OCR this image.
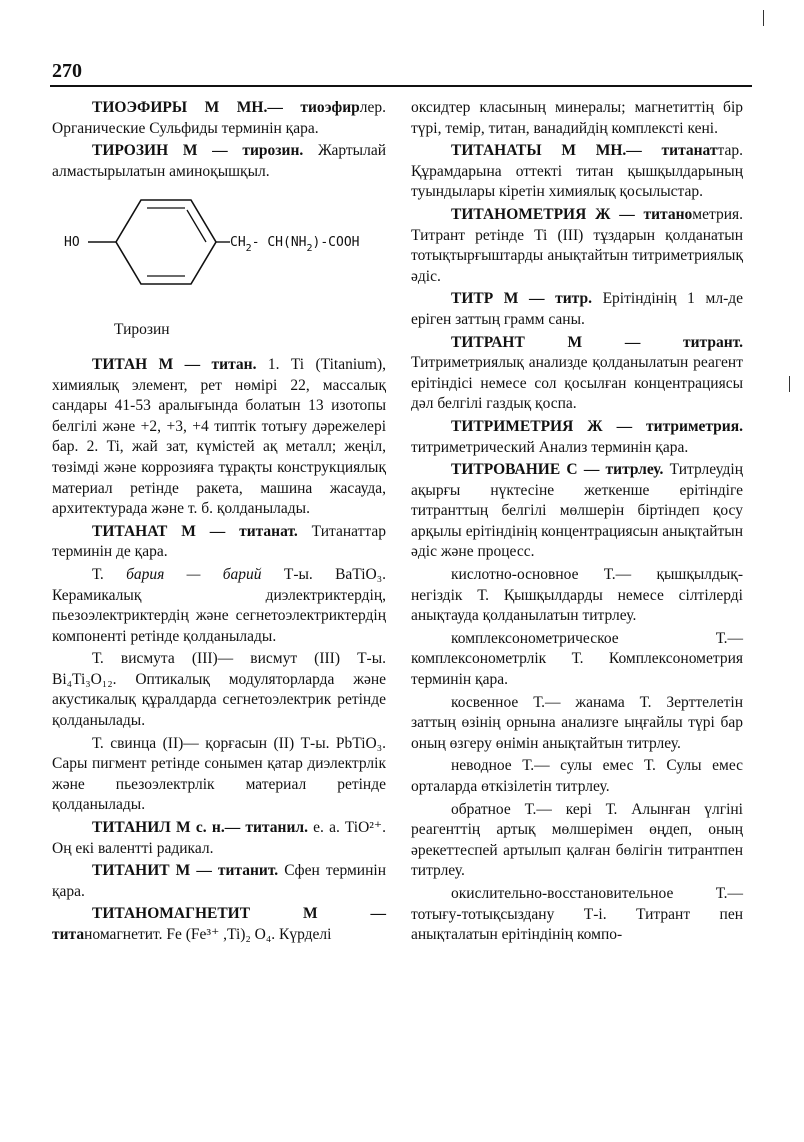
270

ТИОЭФИРЫ М МН.— тиоэфирлер. Органические Сульфиды терминін қара.

ТИРОЗИН М — тирозин. Жартылай алмастырылатын аминоқышқыл.

HO	$CH_2-$ $CH(NH_2)$-COOH

Тирозин

ТИТАН М — титан. 1. Ti (Titanium), химиялық элемент, рет нөмірі 22, массалық сандары 41-53 аралығында болатын 13 изотопы белгілі және +2, +3, +4 типтік тотығу дәрежелері бар. 2. Ti, жай зат, күмістей ақ металл; жеңіл, төзімді және коррозияға тұрақты конструкциялық материал ретінде ракета, машина жасауда, архитектурада және т. б. қолданылады.

ТИТАНАТ М — титанат. Титанаттар терминін де қара.

Т. бария — барий Т-ы. BaTiO₃. Керамикалық диэлектриктердің, пьезоэлектриктердің және сегнетоэлектриктердің компоненті ретінде қолданылады.

Т. висмута (III)— висмут (III) Т-ы. Bi₄Ti₃O₁₂. Оптикалық модуляторларда және акустикалық құралдарда сегнетоэлектрик ретінде қолданылады.

Т. свинца (II)— қорғасын (II) Т-ы. PbTiO₃. Сары пигмент ретінде сонымен қатар диэлектрлік және пьезоэлектрлік материал ретінде қолданылады.

ТИТАНИЛ М с. н.— титанил. е. a. TiO²⁺. Оң екі валентті радикал.

ТИТАНИТ М — титанит. Сфен терминін қара.

ТИТАНОМАГНЕТИТ М — титаномагнетит. Fe (Fe³⁺ ,Ti)₂ O₄. Күрделі

оксидтер класының минералы; магнетиттің бір түрі, темір, титан, ванадийдің комплексті кені.

ТИТАНАТЫ М МН.— титанаттар. Құрамдарына оттекті титан қышқылдарының туындылары кіретін химиялық қосылыстар.

ТИТАНОМЕТРИЯ Ж — титанометрия. Титрант ретінде Ti (III) тұздарын қолданатын тотықтырғыштарды анықтайтын титриметриялық әдіс.

ТИТР М — титр. Ерітіндінің 1 мл-де еріген заттың грамм саны.

ТИТРАНТ М — титрант. Титриметриялық анализде қолданылатын реагент ерітіндісі немесе сол қосылған концентрациясы дәл белгілі газдық қоспа.

ТИТРИМЕТРИЯ Ж — титриметрия. титриметрический Анализ терминін қара.

ТИТРОВАНИЕ С — титрлеу. Титрлеудің ақырғы нүктесіне жеткенше ерітіндіге титранттың белгілі мөлшерін біртіндеп қосу арқылы ерітіндінің концентрациясын анықтайтын әдіс және процесс.

кислотно-основное Т.— қышқылдық-негіздік Т. Қышқылдарды немесе сілтілерді анықтауда қолданылатын титрлеу.

комплексонометрическое Т.— комплексонометрлік Т. Комплексонометрия терминін қара.

косвенное Т.— жанама Т. Зерттелетін заттың өзінің орнына анализге ыңғайлы түрі бар оның өзгеру өнімін анықтайтын титрлеу.

неводное Т.— сулы емес Т. Сулы емес орталарда өткізілетін титрлеу.

обратное Т.— кері Т. Алынған үлгіні реагенттің артық мөлшерімен өңдеп, оның әрекеттеспей артылып қалған бөлігін титрантпен титрлеу.

окислительно-восстановительное Т.— тотығу-тотықсыздану Т-і. Титрант пен анықталатын ерітіндінің компо-
